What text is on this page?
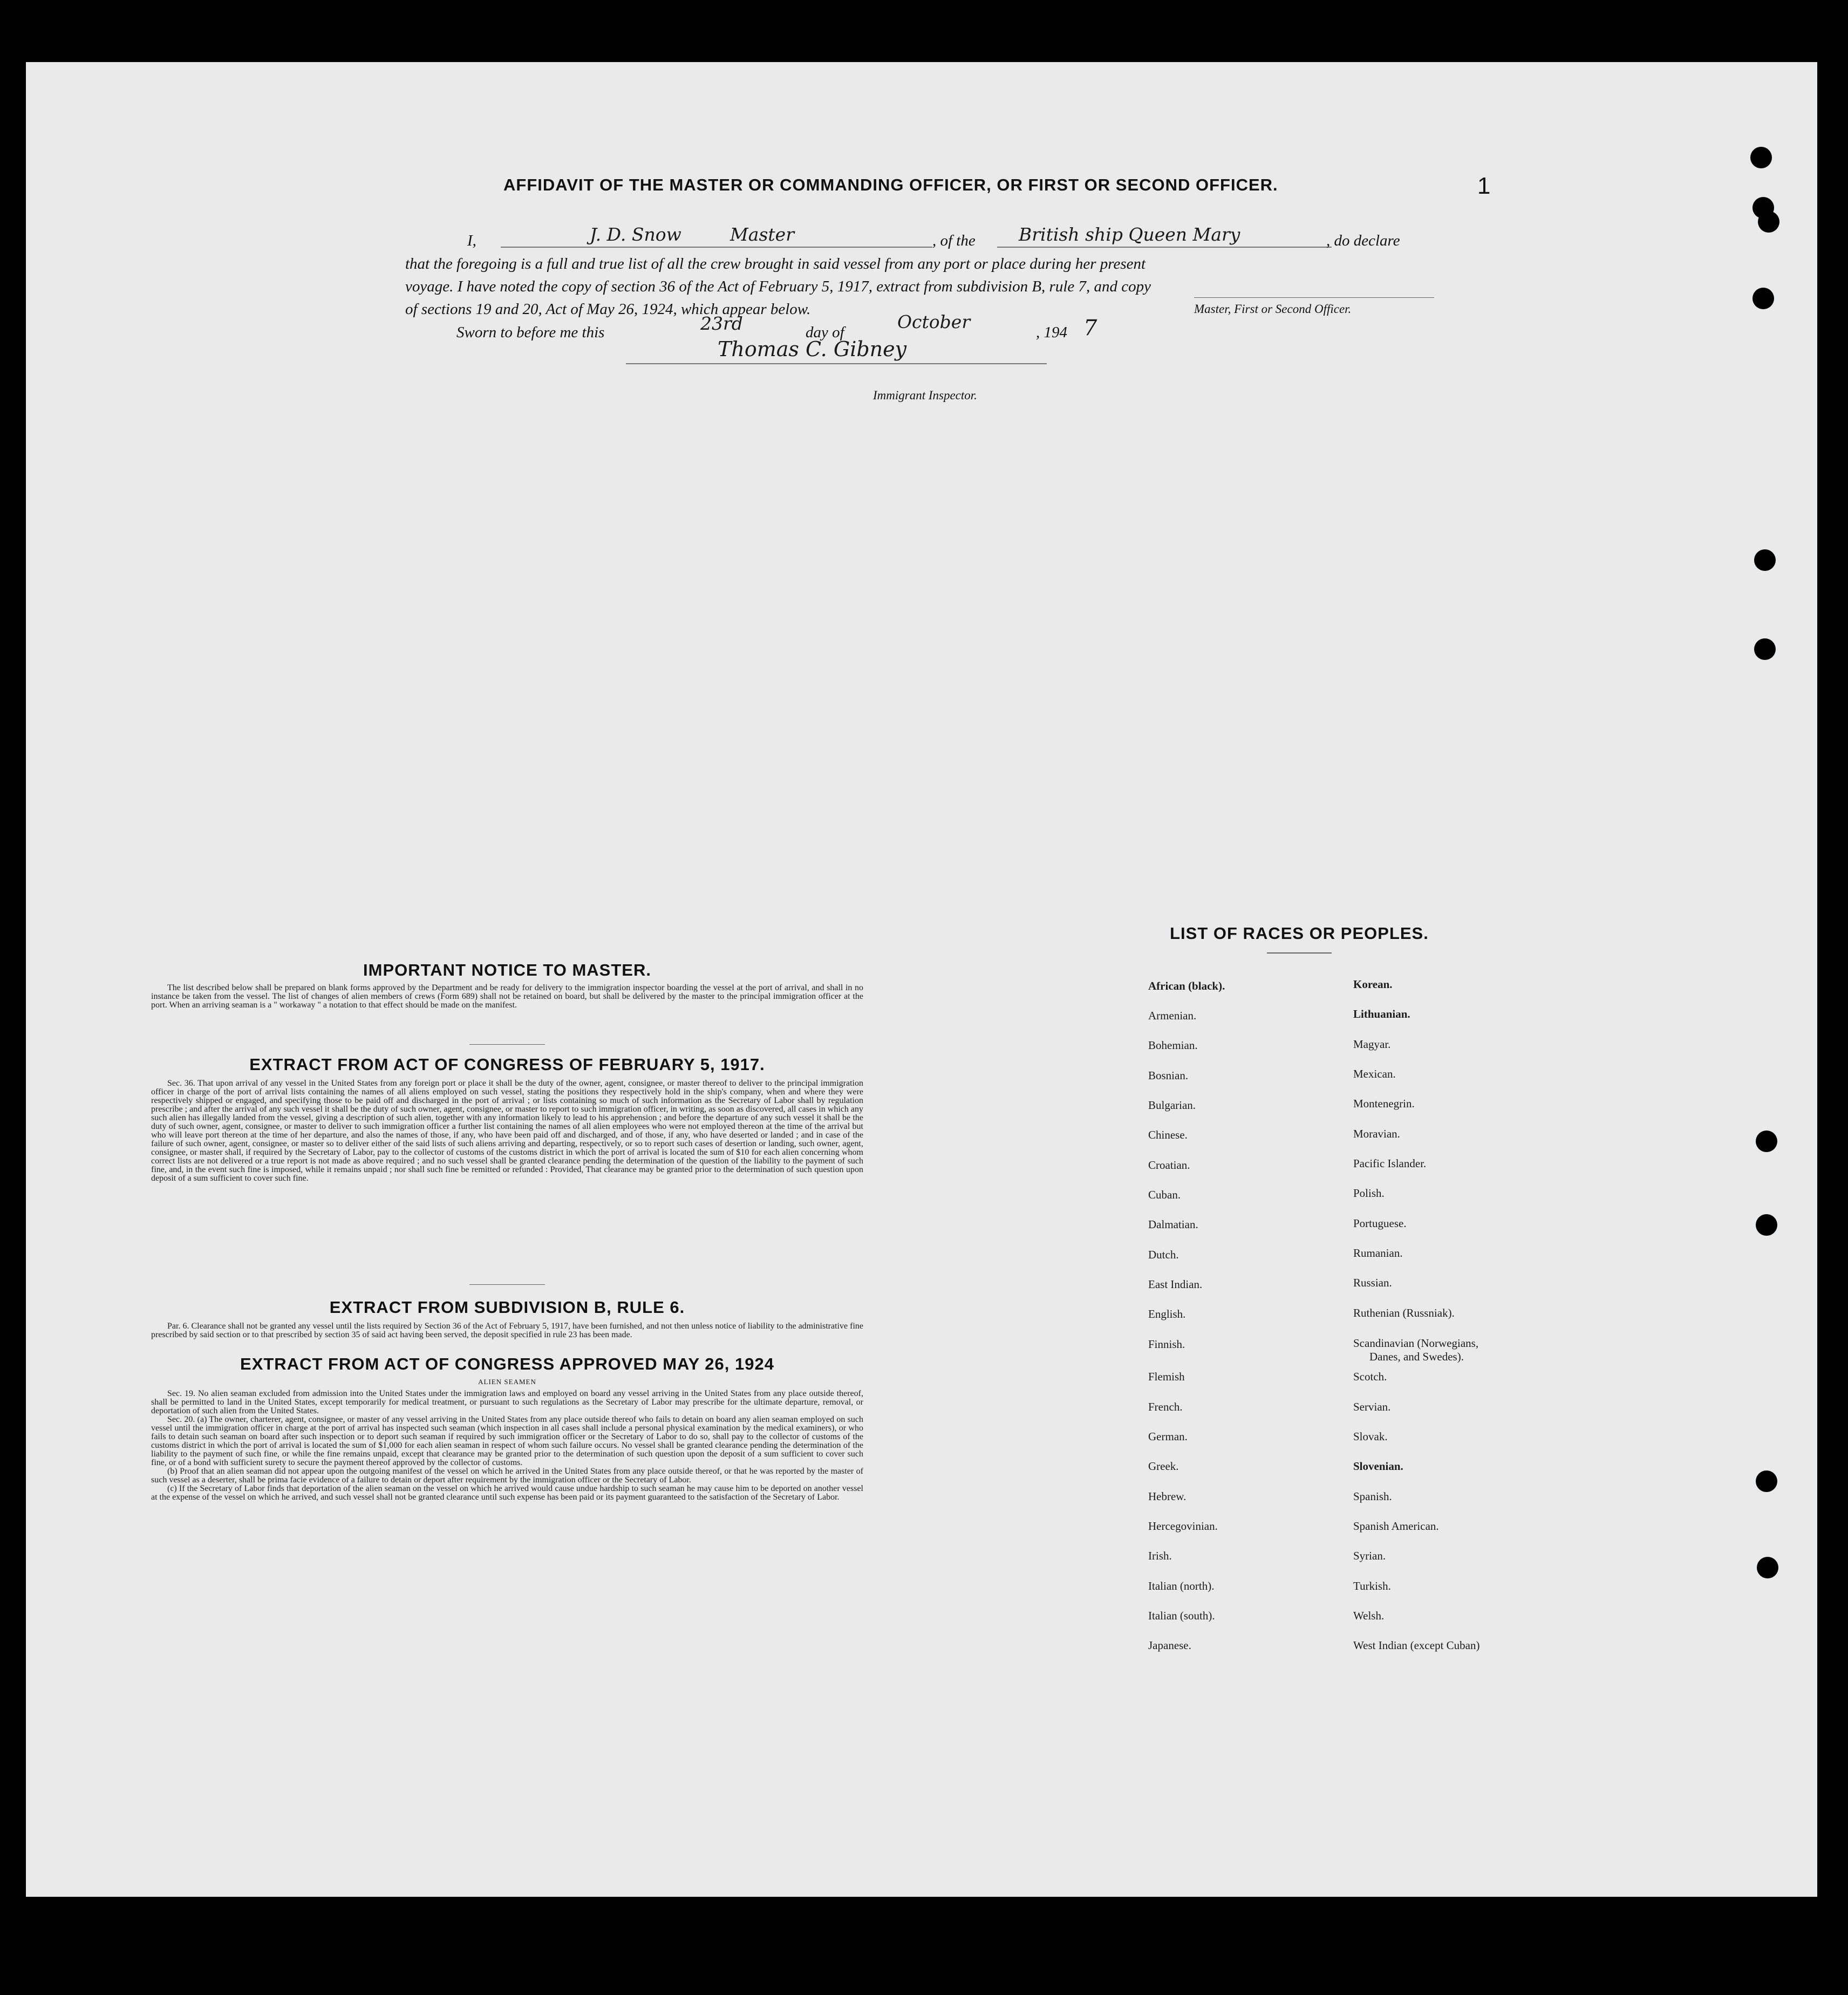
AFFIDAVIT OF THE MASTER OR COMMANDING OFFICER, OR FIRST OR SECOND OFFICER.	1
I,	J. D. Snow	Master	, of the British ship Queen Mary	, do declare
that the foregoing is a full and true list of all the crew brought in said vessel from any port or place during her present
voyage. I have noted the copy of section 36 of the Act of February 5, 1917, extract from subdivision B, rule 7, and copy
of sections 19 and 20, Act of May 26, 1924, which appear below.	Master, First or Second Officer.
Sworn to before me this	23rd	day of	October	, 194 7
Thomas C. Gibney
Immigrant Inspector.
IMPORTANT NOTICE TO MASTER.

The list described below shall be prepared on blank forms approved by the Department and be ready for delivery to the immigration inspector boarding the vessel at the port of arrival, and shall in no instance be taken from the vessel. The list of changes of alien members of crews (Form 689) shall not be retained on board, but shall be delivered by the master to the principal immigration officer at the port. When an arriving seaman is a " workaway " a notation to that effect should be made on the manifest.

EXTRACT FROM ACT OF CONGRESS OF FEBRUARY 5, 1917.

Sec. 36. That upon arrival of any vessel in the United States from any foreign port or place it shall be the duty of the owner, agent, consignee, or master thereof to deliver to the principal immigration officer in charge of the port of arrival lists containing the names of all aliens employed on such vessel, stating the positions they respectively hold in the ship's company, when and where they were respectively shipped or engaged, and specifying those to be paid off and discharged in the port of arrival ; or lists containing so much of such information as the Secretary of Labor shall by regulation prescribe ; and after the arrival of any such vessel it shall be the duty of such owner, agent, consignee, or master to report to such immigration officer, in writing, as soon as discovered, all cases in which any such alien has illegally landed from the vessel, giving a description of such alien, together with any information likely to lead to his apprehension ; and before the departure of any such vessel it shall be the duty of such owner, agent, consignee, or master to deliver to such immigration officer a further list containing the names of all alien employees who were not employed thereon at the time of the arrival but who will leave port thereon at the time of her departure, and also the names of those, if any, who have been paid off and discharged, and of those, if any, who have deserted or landed ; and in case of the failure of such owner, agent, consignee, or master so to deliver either of the said lists of such aliens arriving and departing, respectively, or so to report such cases of desertion or landing, such owner, agent, consignee, or master shall, if required by the Secretary of Labor, pay to the collector of customs of the customs district in which the port of arrival is located the sum of $10 for each alien concerning whom correct lists are not delivered or a true report is not made as above required ; and no such vessel shall be granted clearance pending the determination of the question of the liability to the payment of such fine, and, in the event such fine is imposed, while it remains unpaid ; nor shall such fine be remitted or refunded : Provided, That clearance may be granted prior to the determination of such question upon deposit of a sum sufficient to cover such fine.

EXTRACT FROM SUBDIVISION B, RULE 6.

Par. 6. Clearance shall not be granted any vessel until the lists required by Section 36 of the Act of February 5, 1917, have been furnished, and not then unless notice of liability to the administrative fine prescribed by said section or to that prescribed by section 35 of said act having been served, the deposit specified in rule 23 has been made.

EXTRACT FROM ACT OF CONGRESS APPROVED MAY 26, 1924
ALIEN SEAMEN

Sec. 19. No alien seaman excluded from admission into the United States under the immigration laws and employed on board any vessel arriving in the United States from any place outside thereof, shall be permitted to land in the United States, except temporarily for medical treatment, or pursuant to such regulations as the Secretary of Labor may prescribe for the ultimate departure, removal, or deportation of such alien from the United States.

Sec. 20. (a) The owner, charterer, agent, consignee, or master of any vessel arriving in the United States from any place outside thereof who fails to detain on board any alien seaman employed on such vessel until the immigration officer in charge at the port of arrival has inspected such seaman (which inspection in all cases shall include a personal physical examination by the medical examiners), or who fails to detain such seaman on board after such inspection or to deport such seaman if required by such immigration officer or the Secretary of Labor to do so, shall pay to the collector of customs of the customs district in which the port of arrival is located the sum of $1,000 for each alien seaman in respect of whom such failure occurs. No vessel shall be granted clearance pending the determination of the liability to the payment of such fine, or while the fine remains unpaid, except that clearance may be granted prior to the determination of such question upon the deposit of a sum sufficient to cover such fine, or of a bond with sufficient surety to secure the payment thereof approved by the collector of customs.

(b) Proof that an alien seaman did not appear upon the outgoing manifest of the vessel on which he arrived in the United States from any place outside thereof, or that he was reported by the master of such vessel as a deserter, shall be prima facie evidence of a failure to detain or deport after requirement by the immigration officer or the Secretary of Labor.

(c) If the Secretary of Labor finds that deportation of the alien seaman on the vessel on which he arrived would cause undue hardship to such seaman he may cause him to be deported on another vessel at the expense of the vessel on which he arrived, and such vessel shall not be granted clearance until such expense has been paid or its payment guaranteed to the satisfaction of the Secretary of Labor.

LIST OF RACES OR PEOPLES.
African (black).
Armenian.
Bohemian.
Bosnian.
Bulgarian.
Chinese.
Croatian.
Cuban.
Dalmatian.
Dutch.
East Indian.
English.
Finnish.
Flemish
French.
German.
Greek.
Hebrew.
Hercegovinian.
Irish.
Italian (north).
Italian (south).
Japanese.
Korean.
Lithuanian.
Magyar.
Mexican.
Montenegrin.
Moravian.
Pacific Islander.
Polish.
Portuguese.
Rumanian.
Russian.
Ruthenian (Russniak).
Scandinavian (Norwegians,
Danes, and Swedes).
Scotch.
Servian.
Slovak.
Slovenian.
Spanish.
Spanish American.
Syrian.
Turkish.
Welsh.
West Indian (except Cuban)
